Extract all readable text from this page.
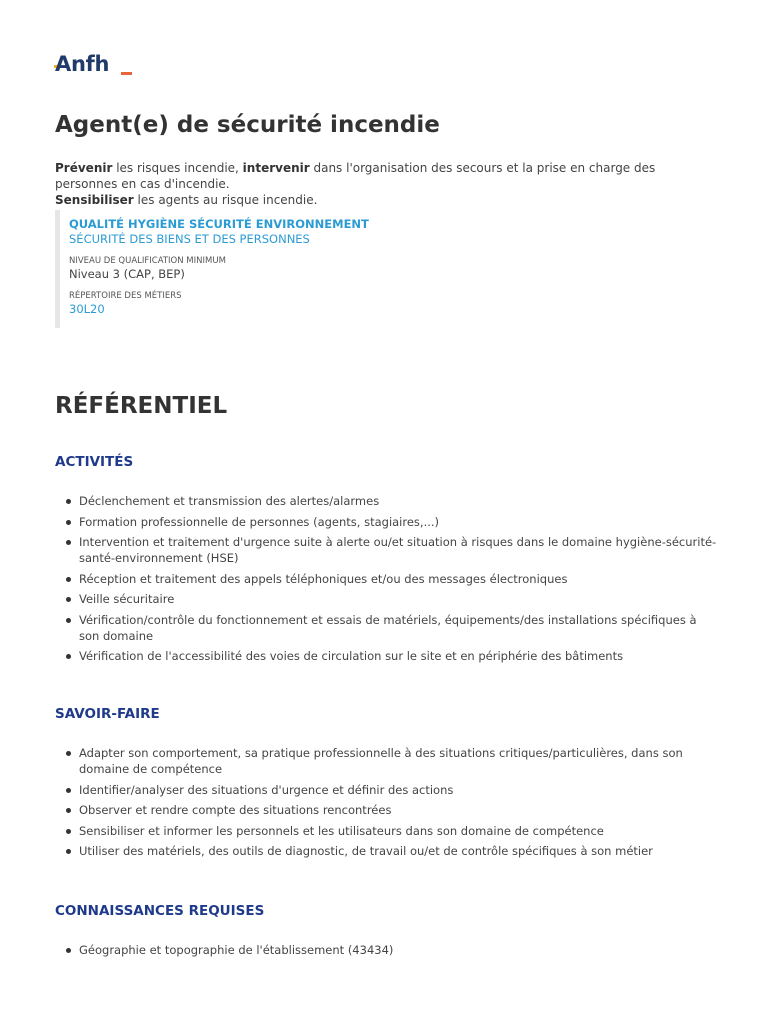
Anfh
Agent(e) de sécurité incendie
Prévenir les risques incendie, intervenir dans l'organisation des secours et la prise en charge des personnes en cas d'incendie.
Sensibiliser les agents au risque incendie.
QUALITÉ HYGIÈNE SÉCURITÉ ENVIRONNEMENT
SÉCURITÉ DES BIENS ET DES PERSONNES
NIVEAU DE QUALIFICATION MINIMUM
Niveau 3 (CAP, BEP)
RÉPERTOIRE DES MÉTIERS
30L20
RÉFÉRENTIEL
ACTIVITÉS
Déclenchement et transmission des alertes/alarmes
Formation professionnelle de personnes (agents, stagiaires,...)
Intervention et traitement d'urgence suite à alerte ou/et situation à risques dans le domaine hygiène-sécurité-santé-environnement (HSE)
Réception et traitement des appels téléphoniques et/ou des messages électroniques
Veille sécuritaire
Vérification/contrôle du fonctionnement et essais de matériels, équipements/des installations spécifiques à son domaine
Vérification de l'accessibilité des voies de circulation sur le site et en périphérie des bâtiments
SAVOIR-FAIRE
Adapter son comportement, sa pratique professionnelle à des situations critiques/particulières, dans son domaine de compétence
Identifier/analyser des situations d'urgence et définir des actions
Observer et rendre compte des situations rencontrées
Sensibiliser et informer les personnels et les utilisateurs dans son domaine de compétence
Utiliser des matériels, des outils de diagnostic, de travail ou/et de contrôle spécifiques à son métier
CONNAISSANCES REQUISES
Géographie et topographie de l'établissement (43434)
